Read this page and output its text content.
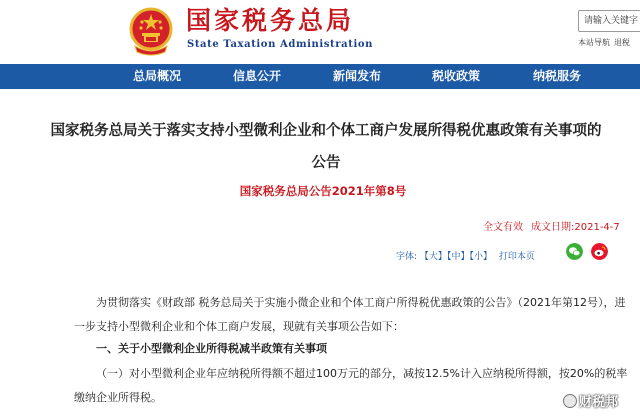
国家税务总局
State Taxation Administration
请输入关键字
本站导航 退税
总局概况	信息公开	新闻发布	税收政策	纳税服务
国家税务总局关于落实支持小型微利企业和个体工商户发展所得税优惠政策有关事项的
公告
国家税务总局公告2021年第8号
全文有效 成文日期:2021-4-7
字体: 【大】【中】【小】 打印本页
为贯彻落实《财政部 税务总局关于实施小微企业和个体工商户所得税优惠政策的公告》（2021年第12号），进一步支持小型微利企业和个体工商户发展，现就有关事项公告如下：
一、关于小型微利企业所得税减半政策有关事项
（一）对小型微利企业年应纳税所得额不超过100万元的部分，减按12.5%计入应纳税所得额，按20%的税率缴纳企业所得税。	财税邦
